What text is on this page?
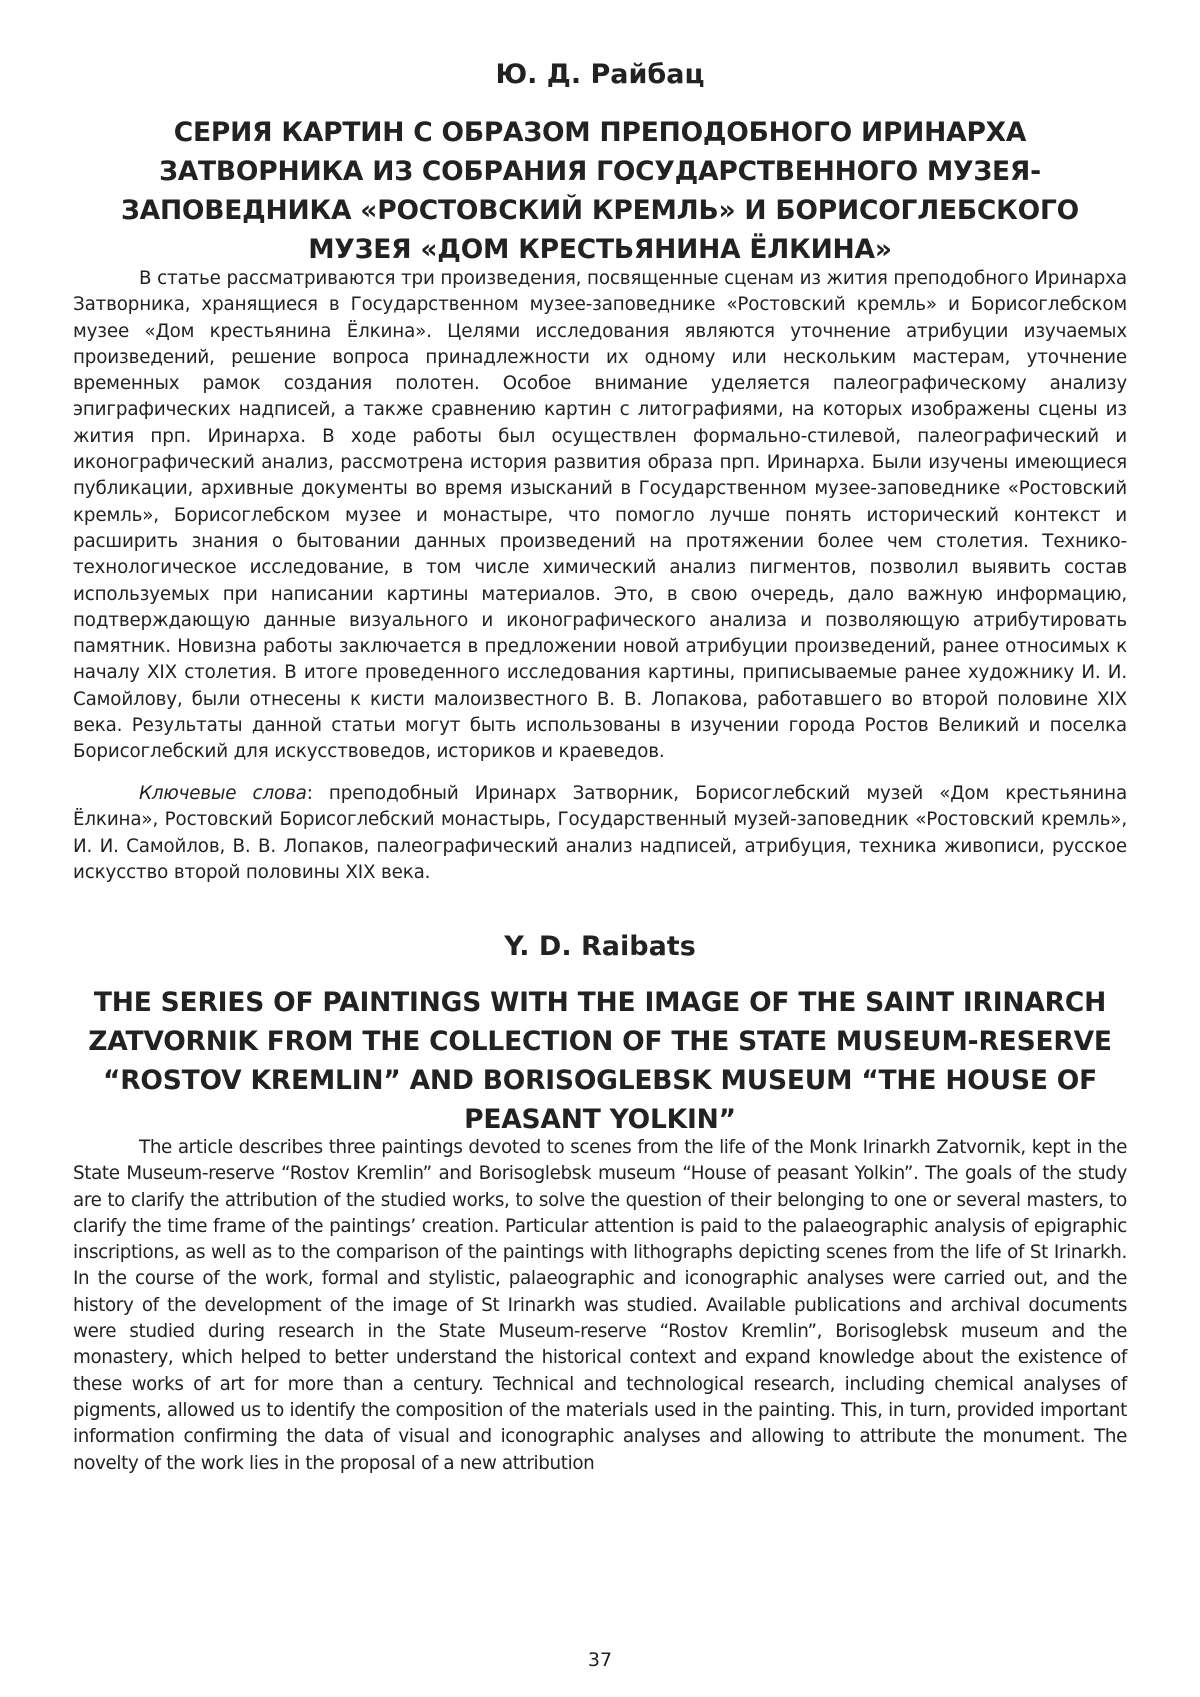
Ю. Д. Райбац
СЕРИЯ КАРТИН С ОБРАЗОМ ПРЕПОДОБНОГО ИРИНАРХА ЗАТВОРНИКА ИЗ СОБРАНИЯ ГОСУДАРСТВЕННОГО МУЗЕЯ-ЗАПОВЕДНИКА «РОСТОВСКИЙ КРЕМЛЬ» И БОРИСОГЛЕБСКОГО МУЗЕЯ «ДОМ КРЕСТЬЯНИНА ЁЛКИНА»

В статье рассматриваются три произведения, посвященные сценам из жития преподобного Иринарха Затворника, хранящиеся в Государственном музее-заповеднике «Ростовский кремль» и Борисоглебском музее «Дом крестьянина Ёлкина». Целями исследования являются уточнение атрибуции изучаемых произведений, решение вопроса принадлежности их одному или нескольким мастерам, уточнение временных рамок создания полотен. Особое внимание уделяется палеографическому анализу эпиграфических надписей, а также сравнению картин с литографиями, на которых изображены сцены из жития прп. Иринарха. В ходе работы был осуществлен формально-стилевой, палеографический и иконографический анализ, рассмотрена история развития образа прп. Иринарха. Были изучены имеющиеся публикации, архивные документы во время изысканий в Государственном музее-заповеднике «Ростовский кремль», Борисоглебском музее и монастыре, что помогло лучше понять исторический контекст и расширить знания о бытовании данных произведений на протяжении более чем столетия. Технико-технологическое исследование, в том числе химический анализ пигментов, позволил выявить состав используемых при написании картины материалов. Это, в свою очередь, дало важную информацию, подтверждающую данные визуального и иконографического анализа и позволяющую атрибутировать памятник. Новизна работы заключается в предложении новой атрибуции произведений, ранее относимых к началу XIX столетия. В итоге проведенного исследования картины, приписываемые ранее художнику И. И. Самойлову, были отнесены к кисти малоизвестного В. В. Лопакова, работавшего во второй половине XIX века. Результаты данной статьи могут быть использованы в изучении города Ростов Великий и поселка Борисоглебский для искусствоведов, историков и краеведов.

Ключевые слова: преподобный Иринарх Затворник, Борисоглебский музей «Дом крестьянина Ёлкина», Ростовский Борисоглебский монастырь, Государственный музей-заповедник «Ростовский кремль», И. И. Самойлов, В. В. Лопаков, палеографический анализ надписей, атрибуция, техника живописи, русское искусство второй половины XIX века.

Y. D. Raibats
THE SERIES OF PAINTINGS WITH THE IMAGE OF THE SAINT IRINARCH ZATVORNIK FROM THE COLLECTION OF THE STATE MUSEUM-RESERVE “ROSTOV KREMLIN” AND BORISOGLEBSK MUSEUM “THE HOUSE OF PEASANT YOLKIN”

The article describes three paintings devoted to scenes from the life of the Monk Irinarkh Zatvornik, kept in the State Museum-reserve “Rostov Kremlin” and Borisoglebsk museum “House of peasant Yolkin”. The goals of the study are to clarify the attribution of the studied works, to solve the question of their belonging to one or several masters, to clarify the time frame of the paintings’ creation. Particular attention is paid to the palaeographic analysis of epigraphic inscriptions, as well as to the comparison of the paintings with lithographs depicting scenes from the life of St Irinarkh. In the course of the work, formal and stylistic, palaeographic and iconographic analyses were carried out, and the history of the development of the image of St Irinarkh was studied. Available publications and archival documents were studied during research in the State Museum-reserve “Rostov Kremlin”, Borisoglebsk museum and the monastery, which helped to better understand the historical context and expand knowledge about the existence of these works of art for more than a century. Technical and technological research, including chemical analyses of pigments, allowed us to identify the composition of the materials used in the painting. This, in turn, provided important information confirming the data of visual and iconographic analyses and allowing to attribute the monument. The novelty of the work lies in the proposal of a new attribution

37
